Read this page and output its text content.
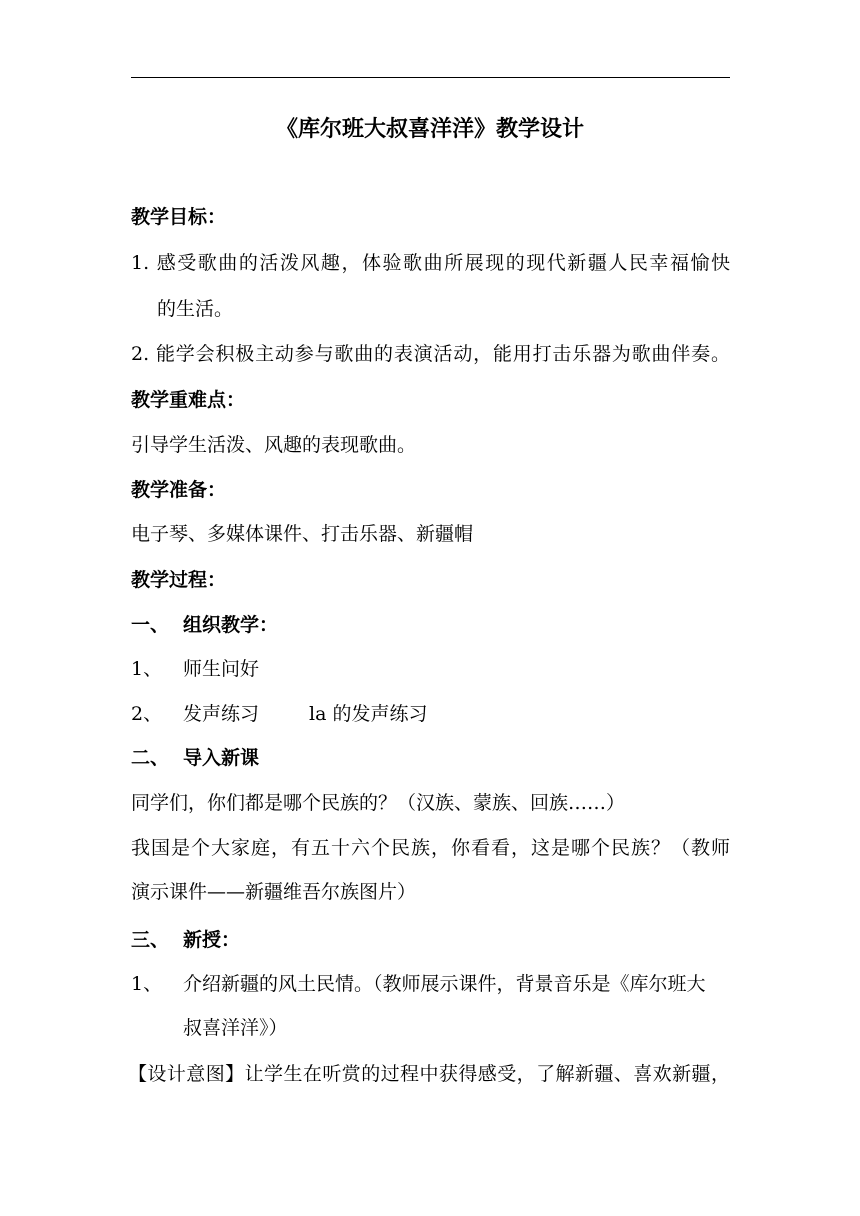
《库尔班大叔喜洋洋》教学设计
教学目标：
1. 感受歌曲的活泼风趣，体验歌曲所展现的现代新疆人民幸福愉快
的生活。
2. 能学会积极主动参与歌曲的表演活动，能用打击乐器为歌曲伴奏。
教学重难点：
引导学生活泼、风趣的表现歌曲。
教学准备：
电子琴、多媒体课件、打击乐器、新疆帽
教学过程：
一、 组织教学：
1、 师生问好
2、 发声练习	la 的发声练习
二、 导入新课
同学们，你们都是哪个民族的？（汉族、蒙族、回族……）
我国是个大家庭，有五十六个民族，你看看，这是哪个民族？（教师
演示课件——新疆维吾尔族图片）
三、 新授：
1、 介绍新疆的风土民情。（教师展示课件，背景音乐是《库尔班大
叔喜洋洋》）
【设计意图】让学生在听赏的过程中获得感受，了解新疆、喜欢新疆，
